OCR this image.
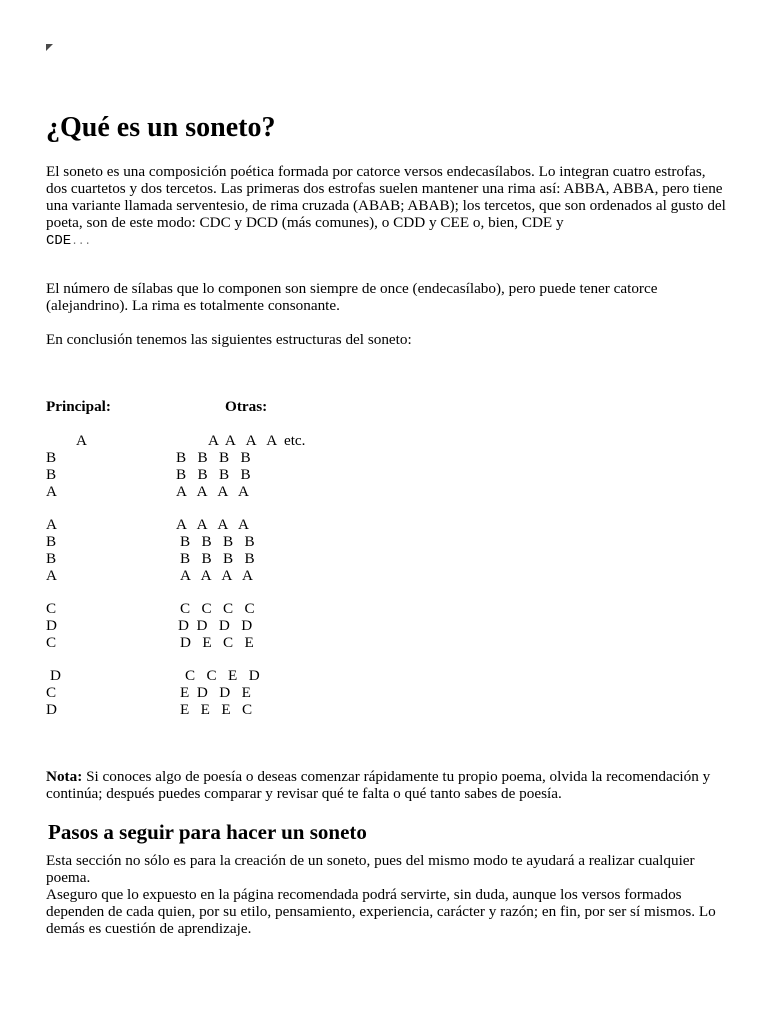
¿Qué es un soneto?

El soneto es una composición poética formada por catorce versos endecasílabos. Lo integran cuatro estrofas, dos cuartetos y dos tercetos. Las primeras dos estrofas suelen mantener una rima así: ABBA, ABBA, pero tiene una variante llamada serventesio, de rima cruzada (ABAB; ABAB); los tercetos, que son ordenados al gusto del poeta, son de este modo: CDC y DCD (más comunes), o CDD y CEE o, bien, CDE y
CDE...

El número de sílabas que lo componen son siempre de once (endecasílabo), pero puede tener catorce (alejandrino). La rima es totalmente consonante.

En conclusión tenemos las siguientes estructuras del soneto:

Principal:	Otras:
A
B
B
A
A
B
B
A
C
D
C
D
C
D
A  A   A   A  etc.
B   B   B   B
B   B   B   B
A   A   A   A
A   A   A   A
B   B   B   B
B   B   B   B
A   A   A   A
C   C   C   C
D  D   D   D
D   E   C   E
C   C   E   D
E  D   D   E
E   E   E   C

Nota: Si conoces algo de poesía o deseas comenzar rápidamente tu propio poema, olvida la recomendación y continúa; después puedes comparar y revisar qué te falta o qué tanto sabes de poesía.

Pasos a seguir para hacer un soneto

Esta sección no sólo es para la creación de un soneto, pues del mismo modo te ayudará a realizar cualquier poema.

Aseguro que lo expuesto en la página recomendada podrá servirte, sin duda, aunque los versos formados dependen de cada quien, por su etilo, pensamiento, experiencia, carácter y razón; en fin, por ser sí mismos. Lo demás es cuestión de aprendizaje.
